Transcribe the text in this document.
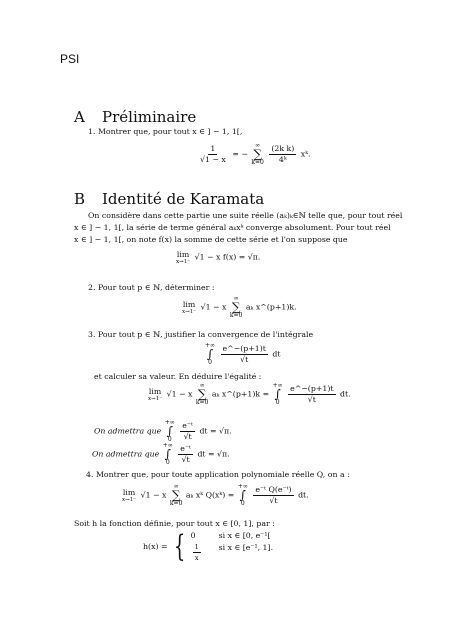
PSI
A Préliminaire
1. Montrer que, pour tout x ∈ ] − 1, 1[,
$\frac{1}{√1 - x}$ = −
∞
∑
k=0
$\frac{\text{(2k k)}}{\text{4ᵏ}}$ xᵏ.
B Identité de Karamata
On considère dans cette partie une suite réelle (aₖ)ₖ∈ℕ telle que, pour tout réel
x ∈ ] − 1, 1[, la série de terme général aₖxᵏ converge absolument. Pour tout réel
x ∈ ] − 1, 1[, on note f(x) la somme de cette série et l'on suppose que
lim
x→1⁻
√1 − x f(x) = √π.
2. Pour tout p ∈ ℕ, déterminer :
lim
x→1⁻
√1 − x
∞
∑
k=0
aₖ x^(p+1)k.
3. Pour tout p ∈ ℕ, justifier la convergence de l'intégrale
+∞
∫
0
$\frac{e\^{}-(p+1)t}{√t}$ dt
et calculer sa valeur. En déduire l'égalité :
lim
x→1⁻
√1 − x
∞
∑
k=0
aₖ x^(p+1)k =
+∞
∫
0
$\frac{e\^{}-(p+1)t}{√t}$ dt.
On admettra que
+∞
∫
0
$\frac{\text{e⁻ᵗ}}{√t}$ dt = √π.
On admettra que
+∞
∫
0
$\frac{\text{e⁻ᵗ}}{√t}$ dt = √π.
4. Montrer que, pour toute application polynomiale réelle Q, on a :
lim
x→1⁻
√1 − x
∞
∑
k=0
aₖ xᵏ Q(xᵏ) =
+∞
∫
0
$\frac{\text{e⁻ᵗ Q(e⁻ᵗ)}}{√t}$ dt.
Soit h la fonction définie, pour tout x ∈ [0, 1], par :
h(x) = { 0	si x ∈ [0, e⁻¹[
$\frac{1}{x}$ si x ∈ [e⁻¹, 1].
